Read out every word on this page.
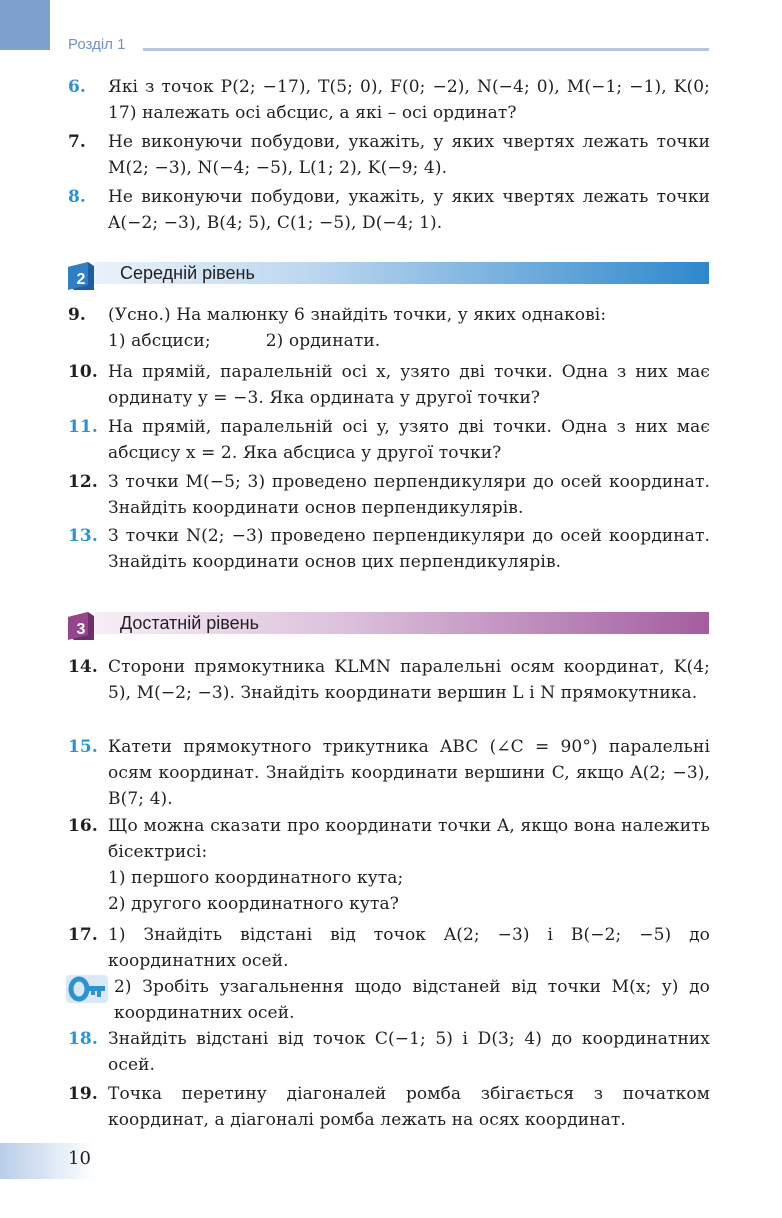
Розділ 1
6. Які з точок P(2; −17), T(5; 0), F(0; −2), N(−4; 0), M(−1; −1), K(0; 17) належать осі абсцис, а які – осі ординат?
7. Не виконуючи побудови, укажіть, у яких чвертях лежать точки M(2; −3), N(−4; −5), L(1; 2), K(−9; 4).
8. Не виконуючи побудови, укажіть, у яких чвертях лежать точки A(−2; −3), B(4; 5), C(1; −5), D(−4; 1).
2 Середній рівень
9. (Усно.) На малюнку 6 знайдіть точки, у яких однакові:
1) абсциси;          2) ординати.
10. На прямій, паралельній осі x, узято дві точки. Одна з них має ординату y = −3. Яка ордината у другої точки?
11. На прямій, паралельній осі y, узято дві точки. Одна з них має абсцису x = 2. Яка абсциса у другої точки?
12. З точки M(−5; 3) проведено перпендикуляри до осей координат. Знайдіть координати основ перпендикулярів.
13. З точки N(2; −3) проведено перпендикуляри до осей координат. Знайдіть координати основ цих перпендикулярів.
3 Достатній рівень
14. Сторони прямокутника KLMN паралельні осям координат, K(4; 5), M(−2; −3). Знайдіть координати вершин L і N прямокутника.
15. Катети прямокутного трикутника ABC (∠C = 90°) паралельні осям координат. Знайдіть координати вершини C, якщо A(2; −3), B(7; 4).
16. Що можна сказати про координати точки A, якщо вона належить бісектрисі:
1) першого координатного кута;
2) другого координатного кута?
17. 1) Знайдіть відстані від точок A(2; −3) і B(−2; −5) до координатних осей.
2) Зробіть узагальнення щодо відстаней від точки M(x; y) до координатних осей.
18. Знайдіть відстані від точок C(−1; 5) і D(3; 4) до координатних осей.
19. Точка перетину діагоналей ромба збігається з початком координат, а діагоналі ромба лежать на осях координат.
10
